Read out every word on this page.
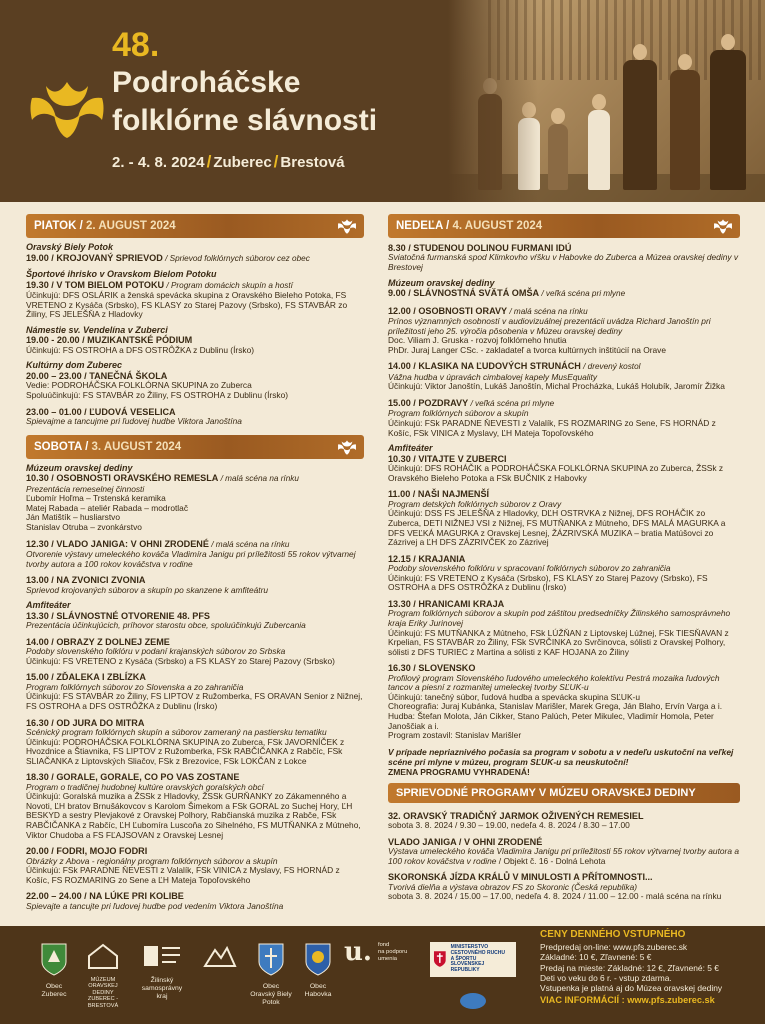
48.
Podroháčske
folklórne slávnosti
2. - 4. 8. 2024 / Zuberec / Brestová
PIATOK / 2. AUGUST 2024
Oravský Biely Potok
19.00 / KROJOVANÝ SPRIEVOD / Sprievod folklórnych súborov cez obec
Športové ihrisko v Oravskom Bielom Potoku
19.30 / V TOM BIELOM POTOKU / Program domácich skupín a hostí
Účinkujú: DFS OSLÁRIK a ženská spevácka skupina z Oravského Bieleho Potoka, FS VRETENO z Kysáča (Srbsko), FS KLASY zo Starej Pazovy (Srbsko), FS STAVBÁR zo Žiliny, FS JELEŠŇA z Hladovky
Námestie sv. Vendelína v Zuberci
19.00 - 20.00 / MUZIKANTSKÉ PÓDIUM
Účinkujú: FS OSTROHA a DFS OSTRÔŽKA z Dublinu (Írsko)
Kultúrny dom Zuberec
20.00 – 23.00 / TANEČNÁ ŠKOLA
Vedie: PODROHÁČSKA FOLKLÓRNA SKUPINA zo Zuberca
Spoluúčinkujú: FS STAVBÁR zo Žiliny, FS OSTROHA z Dublinu (Írsko)
23.00 – 01.00 / ĽUDOVÁ VESELICA
Spievajme a tancujme pri ľudovej hudbe Viktora Janoštína
SOBOTA / 3. AUGUST 2024
Múzeum oravskej dediny
10.30 / OSOBNOSTI ORAVSKÉHO REMESLA / malá scéna na rínku
Prezentácia remeselnej činnosti
Ľubomír Hoľma – Trstenská keramika
Matej Rabada – ateliér Rabada – modrotlač
Ján Matištík – husliarstvo
Stanislav Otruba – zvonkárstvo
12.30 / VLADO JANIGA: V OHNI ZRODENÉ / malá scéna na rínku
Otvorenie výstavy umeleckého kováča Vladimíra Janigu pri príležitosti 55 rokov výtvarnej tvorby autora a 100 rokov kováčstva v rodine
13.00 / NA ZVONICI ZVONIA
Sprievod krojovaných súborov a skupín po skanzene k amfiteátru
Amfiteáter
13.30 / SLÁVNOSTNÉ OTVORENIE 48. PFS
Prezentácia účinkujúcich, príhovor starostu obce, spoluúčinkujú Zubercania
14.00 / OBRAZY Z DOLNEJ ZEME
Podoby slovenského folklóru v podaní krajanských súborov zo Srbska
Účinkujú: FS VRETENO z Kysáča (Srbsko) a FS KLASY zo Starej Pazovy (Srbsko)
15.00 / ZĎALEKA I ZBLÍZKA
Program folklórnych súborov zo Slovenska a zo zahraničia
Účinkujú: FS STAVBÁR zo Žiliny, FS LIPTOV z Ružomberka, FS ORAVAN Senior z Nižnej, FS OSTROHA a DFS OSTRÔŽKA z Dublinu (Írsko)
16.30 / OD JURA DO MITRA
Scénický program folklórnych skupín a súborov zameraný na pastiersku tematiku
Účinkujú: PODROHÁČSKA FOLKLÓRNA SKUPINA zo Zuberca, FSk JAVORNÍČEK z Hvozdnice a Štiavnika, FS LIPTOV z Ružomberka, FSk RABČIČANKA z Rabčíc, FSk SLIAČANKA z Liptovských Sliačov, FSk z Brezovice, FSk LOKČAN z Lokce
18.30 / GORALE, GORALE, CO PO VAS ZOSTANE
Program o tradičnej hudobnej kultúre oravských goralských obcí
Účinkujú: Goralská muzika a ŽSSk z Hladovky, ŽSSk GURŇANKY zo Zákamenného a Novoti, ĽH bratov Brnušákovcov s Karolom Šimekom a FSk GORAL zo Suchej Hory, ĽH BESKYD a sestry Plevjakové z Oravskej Polhory, Rabčianská muzika z Rabče, FSk RABČIČANKA z Rabčíc, ĽH Ľubomíra Luscoňa zo Sihelného, FS MUTŇANKA z Mútneho, Viktor Chudoba a FS FĽAJSOVAN z Oravskej Lesnej
20.00 / FODRI, MOJO FODRI
Obrázky z Abova - regionálny program folklórnych súborov a skupín
Účinkujú: FSk PARADNE ŇEVESTI z Valalík, FSk VINICA z Myslavy, FS HORNÁD z Košíc, FS ROZMARING zo Sene a ĽH Mateja Topoľovského
22.00 – 24.00 / NA LÚKE PRI KOLIBE
Spievajte a tancujte pri ľudovej hudbe pod vedením Viktora Janoštína
NEDEĽA / 4. AUGUST 2024
8.30 / STUDENOU DOLINOU FURMANI IDÚ
Sviatočná furmanská spod Klimkovho vŕšku v Habovke do Zuberca a Múzea oravskej dediny v Brestovej
Múzeum oravskej dediny
9.00 / SLÁVNOSTNÁ SVÄTÁ OMŠA / veľká scéna pri mlyne
12.00 / OSOBNOSTI ORAVY / malá scéna na rínku
Prínos významných osobností v audiovizuálnej prezentácii uvádza Richard Janoštín pri príležitosti jeho 25. výročia pôsobenia v Múzeu oravskej dediny
Doc. Viliam J. Gruska - rozvoj folklórneho hnutia
PhDr. Juraj Langer CSc. - zakladateľ a tvorca kultúrnych inštitúcií na Orave
14.00 / KLASIKA NA ĽUDOVÝCH STRUNÁCH / drevený kostol
Vážna hudba v úpravách cimbalovej kapely MusEquality
Účinkujú: Viktor Janoštín, Lukáš Janoštín, Michal Procházka, Lukáš Holubík, Jaromír Žižka
15.00 / POZDRAVY / veľká scéna pri mlyne
Program folklórnych súborov a skupín
Účinkujú: FSk PARADNE ŇEVESTI z Valalík, FS ROZMARING zo Sene, FS HORNÁD z Košíc, FSk VINICA z Myslavy, ĽH Mateja Topoľovského
Amfiteáter
10.30 / VITAJTE V ZUBERCI
Účinkujú: DFS ROHÁČIK a PODROHÁČSKA FOLKLÓRNA SKUPINA zo Zuberca, ŽSSk z Oravského Bieleho Potoka a FSk BUČNIK z Habovky
11.00 / NAŠI NAJMENŠÍ
Program detských folklórnych súborov z Oravy
Účinkujú: DSS FS JELEŠŇA z Hladovky, DĽH OSTRVKA z Nižnej, DFS ROHÁČIK zo Zuberca, DETI NIŽNEJ VSI z Nižnej, FS MUTŇANKA z Mútneho, DFS MALÁ MAGURKA a DFS VEĽKÁ MAGURKA z Oravskej Lesnej, ŽÁZRIVSKÁ MUZIKA – bratia Matúšovci zo Zázrivej a ĽH DFS ZÁZRIVČEK zo Zázrivej
12.15 / KRAJANIA
Podoby slovenského folklóru v spracovaní folklórnych súborov zo zahraničia
Účinkujú: FS VRETENO z Kysáča (Srbsko), FS KLASY zo Starej Pazovy (Srbsko), FS OSTROHA a DFS OSTRÔŽKA z Dublinu (Írsko)
13.30 / HRANICAMI KRAJA
Program folklórnych súborov a skupín pod záštitou predsedníčky Žilinského samosprávneho kraja Eriky Jurinovej
Účinkujú: FS MUTŇANKA z Mútneho, FSk LÚŽŇAN z Liptovskej Lúžnej, FSk TIESŇAVAN z Krpelian, FS STAVBÁR zo Žiliny, FSk SVRČINKA zo Svrčinovca, sólisti z Oravskej Polhory, sólisti z DFS TURIEC z Martina a sólisti z KAF HOJANA zo Žiliny
16.30 / SLOVENSKO
Profilový program Slovenského ľudového umeleckého kolektívu Pestrá mozaika ľudových tancov a piesní z rozmanitej umeleckej tvorby SĽUK-u
Účinkujú: tanečný súbor, ľudová hudba a spevácka skupina SĽUK-u
Choreografia: Juraj Kubánka, Stanislav Marišler, Marek Grega, Ján Blaho, Ervín Varga a i.
Hudba: Štefan Molota, Ján Cikker, Stano Palúch, Peter Mikulec, Vladimír Homola, Peter Janoščiak a i.
Program zostavil: Stanislav Marišler
V prípade nepriaznivého počasia sa program v sobotu a v nedeľu uskutoční na veľkej scéne pri mlyne v múzeu, program SĽUK-u sa neuskutoční!
ZMENA PROGRAMU VYHRADENÁ!
SPRIEVODNÉ PROGRAMY V MÚZEU ORAVSKEJ DEDINY
32. ORAVSKÝ TRADIČNÝ JARMOK OŽIVENÝCH REMESIEL
sobota 3. 8. 2024 / 9.30 – 19.00, nedeľa 4. 8. 2024 / 8.30 – 17.00
VLADO JANIGA / V OHNI ZRODENÉ
Výstava umeleckého kováča Vladimíra Janigu pri príležitosti 55 rokov výtvarnej tvorby autora a 100 rokov kováčstva v rodine / Objekt č. 16 - Dolná Lehota
SKORONSKÁ JÍZDA KRÁLŮ V MINULOSTI A PŘÍTOMNOSTI...
Tvorivá dielňa a výstava obrazov FS zo Skoronic (Česká republika)
sobota 3. 8. 2024 / 15.00 – 17.00, nedeľa 4. 8. 2024 / 11.00 – 12.00 - malá scéna na rínku
Obec
Zuberec
MÚZEUM
ORAVSKEJ DEDINY
ZUBEREC - BRESTOVÁ
Žilinský samosprávny
kraj
Obec
Oravský Biely Potok
Obec
Habovka
u. fond
na podporu
umenia
MINISTERSTVO
CESTOVNÉHO RUCHU
A ŠPORTU
SLOVENSKEJ REPUBLIKY
CENY DENNÉHO VSTUPNÉHO
Predpredaj on-line: www.pfs.zuberec.sk
Základné: 10 €, Zľavnené: 5 €
Predaj na mieste: Základné: 12 €, Zľavnené: 5 €
Deti vo veku do 6 r. - vstup zdarma.
Vstupenka je platná aj do Múzea oravskej dediny
VIAC INFORMÁCIÍ : www.pfs.zuberec.sk
